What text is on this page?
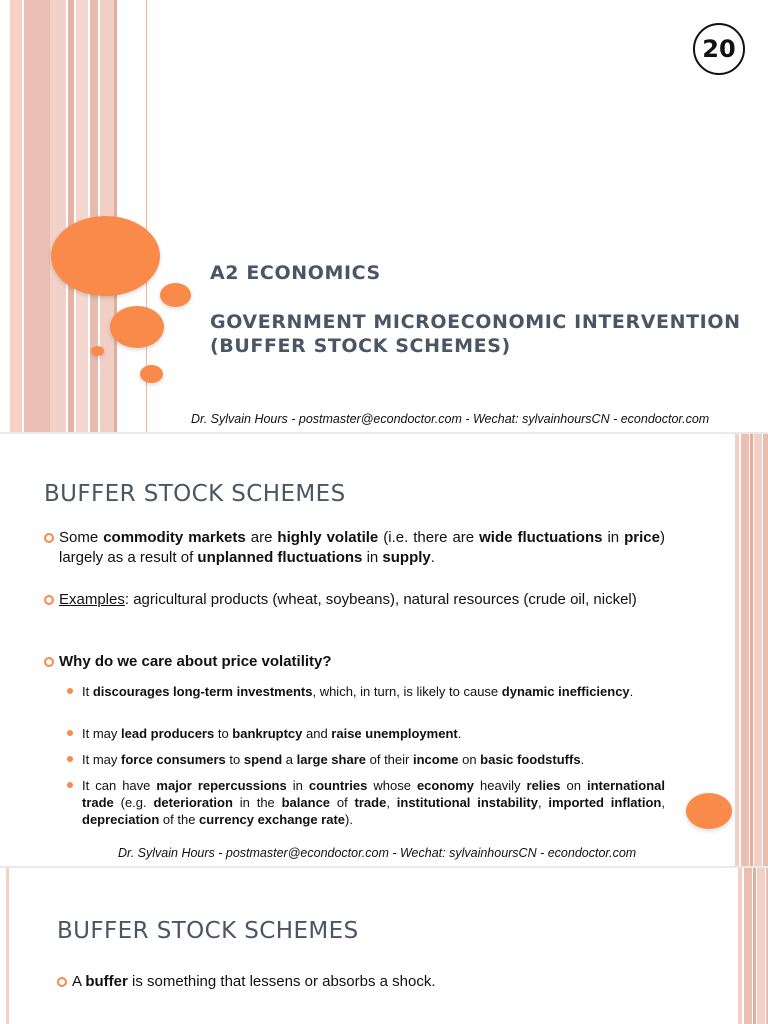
20
A2 ECONOMICS
GOVERNMENT MICROECONOMIC INTERVENTION
(BUFFER STOCK SCHEMES)
Dr. Sylvain Hours - postmaster@econdoctor.com - Wechat: sylvainhoursCN - econdoctor.com
BUFFER STOCK SCHEMES
Some commodity markets are highly volatile (i.e. there are wide fluctuations in price) largely as a result of unplanned fluctuations in supply.
Examples: agricultural products (wheat, soybeans), natural resources (crude oil, nickel)
Why do we care about price volatility?
It discourages long-term investments, which, in turn, is likely to cause dynamic inefficiency.
It may lead producers to bankruptcy and raise unemployment.
It may force consumers to spend a large share of their income on basic foodstuffs.
It can have major repercussions in countries whose economy heavily relies on international trade (e.g. deterioration in the balance of trade, institutional instability, imported inflation, depreciation of the currency exchange rate).
Dr. Sylvain Hours - postmaster@econdoctor.com - Wechat: sylvainhoursCN - econdoctor.com
BUFFER STOCK SCHEMES
A buffer is something that lessens or absorbs a shock.
